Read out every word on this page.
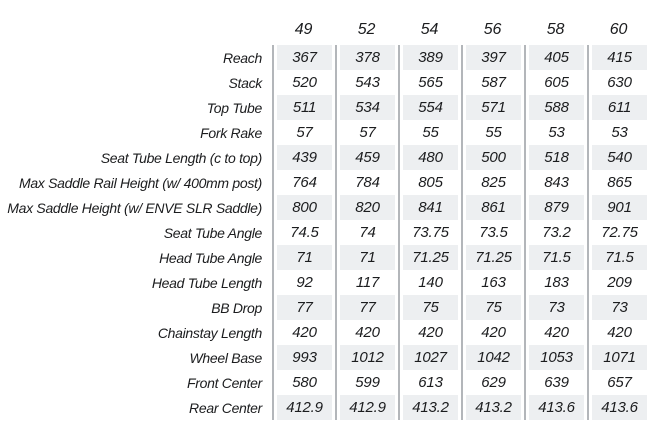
49	52	54	56	58	60
Reach	367	378	389	397	405	415
Stack	520	543	565	587	605	630
Top Tube	511	534	554	571	588	611
Fork Rake	57	57	55	55	53	53
Seat Tube Length (c to top)	439	459	480	500	518	540
Max Saddle Rail Height (w/ 400mm post)	764	784	805	825	843	865
Max Saddle Height (w/ ENVE SLR Saddle)	800	820	841	861	879	901
Seat Tube Angle	74.5	74	73.75	73.5	73.2	72.75
Head Tube Angle	71	71	71.25	71.25	71.5	71.5
Head Tube Length	92	117	140	163	183	209
BB Drop	77	77	75	75	73	73
Chainstay Length	420	420	420	420	420	420
Wheel Base	993	1012	1027	1042	1053	1071
Front Center	580	599	613	629	639	657
Rear Center	412.9	412.9	413.2	413.2	413.6	413.6
